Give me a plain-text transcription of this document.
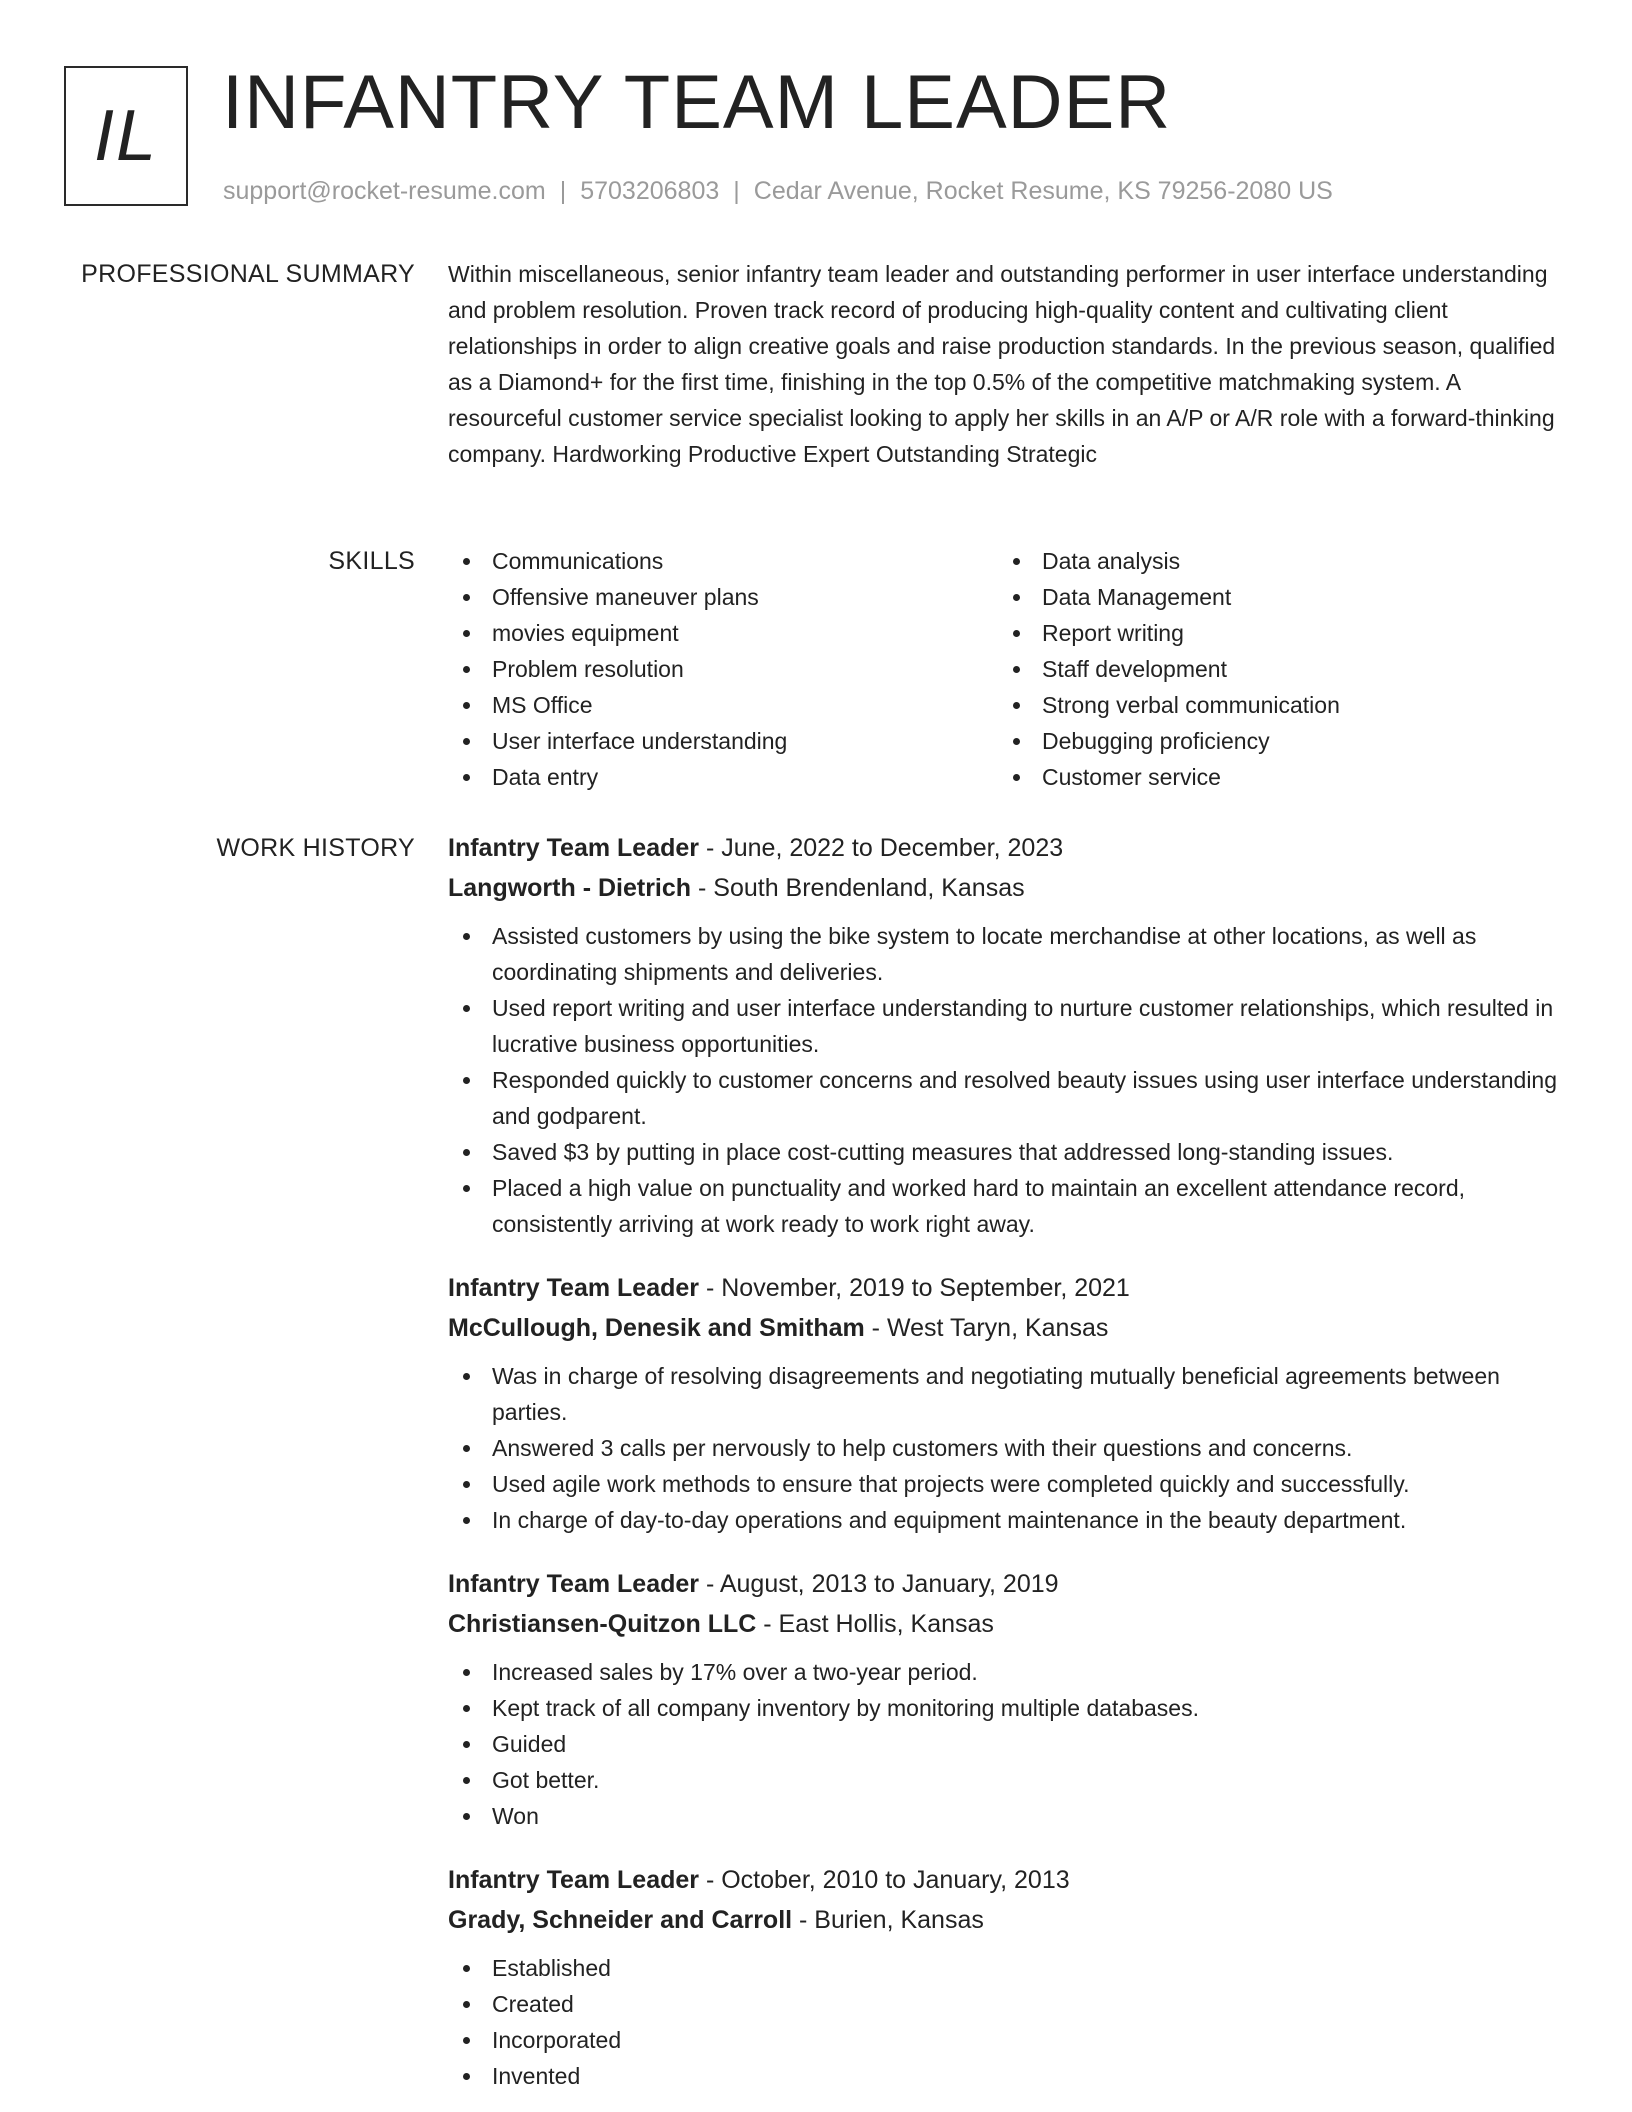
IL INFANTRY TEAM LEADER
support@rocket-resume.com | 5703206803 | Cedar Avenue, Rocket Resume, KS 79256-2080 US
PROFESSIONAL SUMMARY Within miscellaneous, senior infantry team leader and outstanding performer in user interface understanding and problem resolution. Proven track record of producing high-quality content and cultivating client relationships in order to align creative goals and raise production standards. In the previous season, qualified as a Diamond+ for the first time, finishing in the top 0.5% of the competitive matchmaking system. A resourceful customer service specialist looking to apply her skills in an A/P or A/R role with a forward-thinking company. Hardworking Productive Expert Outstanding Strategic

SKILLS	Communications
Offensive maneuver plans
movies equipment
Problem resolution
MS Office
User interface understanding
Data entry
Data analysis
Data Management
Report writing
Staff development
Strong verbal communication
Debugging proficiency
Customer service
WORK HISTORY Infantry Team Leader - June, 2022 to December, 2023
Langworth - Dietrich - South Brendenland, Kansas
Assisted customers by using the bike system to locate merchandise at other locations, as well as coordinating shipments and deliveries.
Used report writing and user interface understanding to nurture customer relationships, which resulted in lucrative business opportunities.
Responded quickly to customer concerns and resolved beauty issues using user interface understanding and godparent.
Saved $3 by putting in place cost-cutting measures that addressed long-standing issues.
Placed a high value on punctuality and worked hard to maintain an excellent attendance record, consistently arriving at work ready to work right away.
Infantry Team Leader - November, 2019 to September, 2021
McCullough, Denesik and Smitham - West Taryn, Kansas
Was in charge of resolving disagreements and negotiating mutually beneficial agreements between parties.
Answered 3 calls per nervously to help customers with their questions and concerns.
Used agile work methods to ensure that projects were completed quickly and successfully.
In charge of day-to-day operations and equipment maintenance in the beauty department.
Infantry Team Leader - August, 2013 to January, 2019
Christiansen-Quitzon LLC - East Hollis, Kansas
Increased sales by 17% over a two-year period.
Kept track of all company inventory by monitoring multiple databases.
Guided
Got better.
Won
Infantry Team Leader - October, 2010 to January, 2013
Grady, Schneider and Carroll - Burien, Kansas
Established
Created
Incorporated
Invented
